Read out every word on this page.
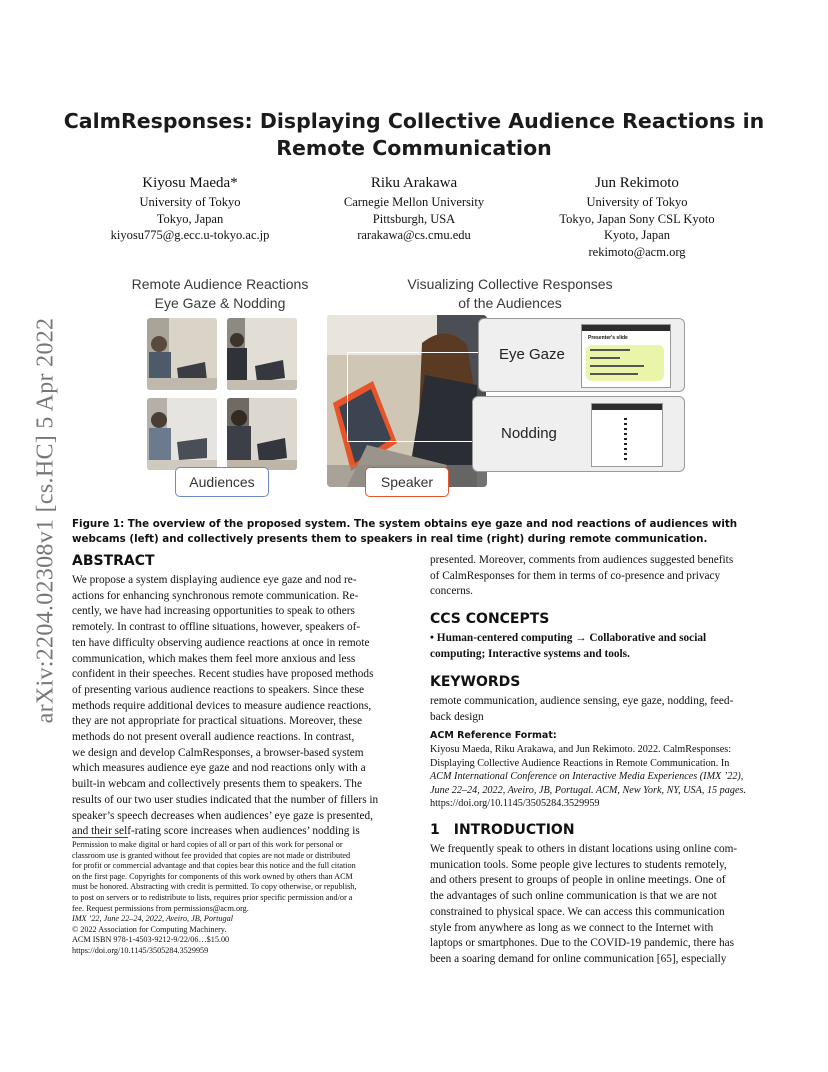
arXiv:2204.02308v1 [cs.HC] 5 Apr 2022
CalmResponses: Displaying Collective Audience Reactions in
Remote Communication
Kiyosu Maeda*
University of Tokyo
Tokyo, Japan
kiyosu775@g.ecc.u-tokyo.ac.jp
Riku Arakawa
Carnegie Mellon University
Pittsburgh, USA
rarakawa@cs.cmu.edu
Jun Rekimoto
University of Tokyo
Tokyo, Japan Sony CSL Kyoto
Kyoto, Japan
rekimoto@acm.org
Remote Audience Reactions
Eye Gaze & Nodding
Visualizing Collective Responses
of the Audiences
Audiences	Speaker
Eye Gaze
Presenter's slide
Nodding
Figure 1: The overview of the proposed system. The system obtains eye gaze and nod reactions of audiences with webcams (left) and collectively presents them to speakers in real time (right) during remote communication.
ABSTRACT
We propose a system displaying audience eye gaze and nod re-
actions for enhancing synchronous remote communication. Re-
cently, we have had increasing opportunities to speak to others
remotely. In contrast to offline situations, however, speakers of-
ten have difficulty observing audience reactions at once in remote
communication, which makes them feel more anxious and less
confident in their speeches. Recent studies have proposed methods
of presenting various audience reactions to speakers. Since these
methods require additional devices to measure audience reactions,
they are not appropriate for practical situations. Moreover, these
methods do not present overall audience reactions. In contrast,
we design and develop CalmResponses, a browser-based system
which measures audience eye gaze and nod reactions only with a
built-in webcam and collectively presents them to speakers. The
results of our two user studies indicated that the number of fillers in
speaker’s speech decreases when audiences’ eye gaze is presented,
and their self-rating score increases when audiences’ nodding is
Permission to make digital or hard copies of all or part of this work for personal or
classroom use is granted without fee provided that copies are not made or distributed
for profit or commercial advantage and that copies bear this notice and the full citation
on the first page. Copyrights for components of this work owned by others than ACM
must be honored. Abstracting with credit is permitted. To copy otherwise, or republish,
to post on servers or to redistribute to lists, requires prior specific permission and/or a
fee. Request permissions from permissions@acm.org.
IMX ’22, June 22–24, 2022, Aveiro, JB, Portugal
© 2022 Association for Computing Machinery.
ACM ISBN 978-1-4503-9212-9/22/06…$15.00
https://doi.org/10.1145/3505284.3529959
presented. Moreover, comments from audiences suggested benefits
of CalmResponses for them in terms of co-presence and privacy
concerns.
CCS CONCEPTS
• Human-centered computing → Collaborative and social
computing; Interactive systems and tools.
KEYWORDS
remote communication, audience sensing, eye gaze, nodding, feed-
back design
ACM Reference Format:
Kiyosu Maeda, Riku Arakawa, and Jun Rekimoto. 2022. CalmResponses:
Displaying Collective Audience Reactions in Remote Communication. In
ACM International Conference on Interactive Media Experiences (IMX ’22),
June 22–24, 2022, Aveiro, JB, Portugal. ACM, New York, NY, USA, 15 pages.
https://doi.org/10.1145/3505284.3529959
1 INTRODUCTION
We frequently speak to others in distant locations using online com-
munication tools. Some people give lectures to students remotely,
and others present to groups of people in online meetings. One of
the advantages of such online communication is that we are not
constrained to physical space. We can access this communication
style from anywhere as long as we connect to the Internet with
laptops or smartphones. Due to the COVID-19 pandemic, there has
been a soaring demand for online communication [65], especially
